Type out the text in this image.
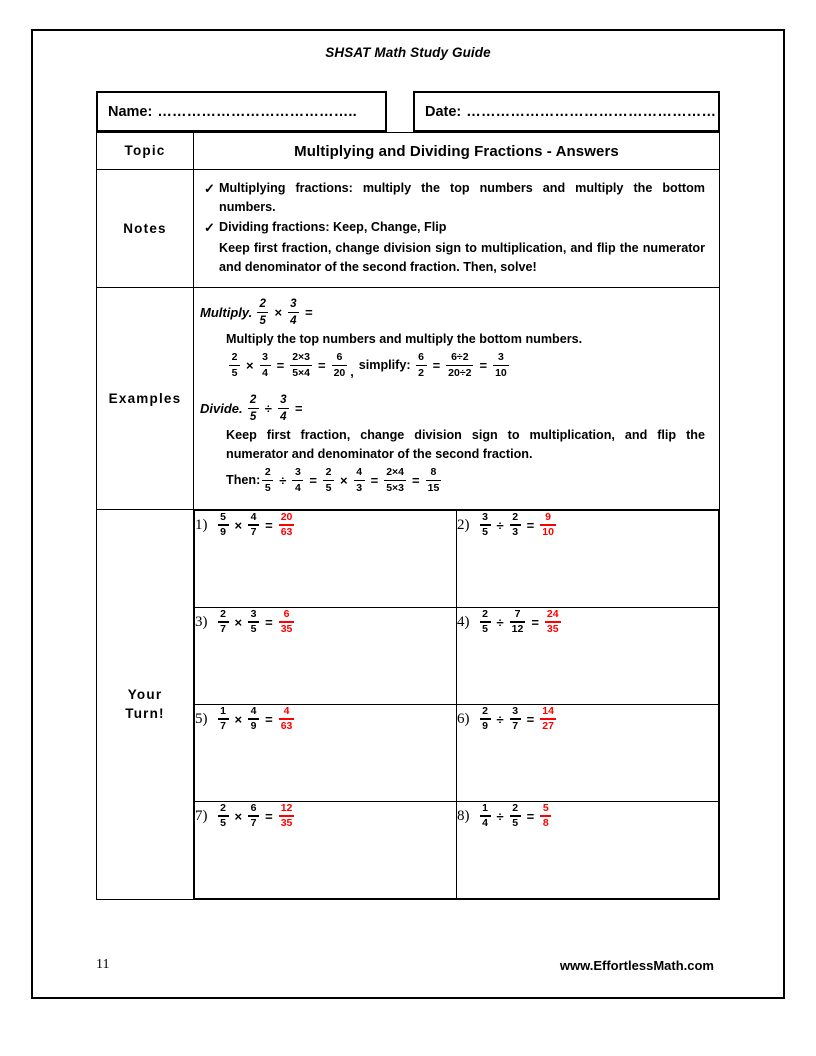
SHSAT Math Study Guide
Name: …………………………………..	Date: ……………………………………………
Topic	Multiplying and Dividing Fractions - Answers
Notes	
✓ Multiplying fractions: multiply the top numbers and multiply the bottom numbers.
✓ Dividing fractions: Keep, Change, Flip
Keep first fraction, change division sign to multiplication, and flip the numerator and denominator of the second fraction. Then, solve!

Examples	
Multiply. $\frac{2}{5} \times \frac{3}{4}$ =
Multiply the top numbers and multiply the bottom numbers.
$\frac{2}{5} \times \frac{3}{4} = \frac{2\times 3}{5\times 4} = \frac{6}{20}$ ,
simplify: $\frac{6}{2} = \frac{6\div 2}{20\div 2} = \frac{3}{10}$
Divide. $\frac{2}{5} \div \frac{3}{4}$ =
Keep first fraction, change division sign to multiplication, and flip the numerator and denominator of the second fraction.
Then: $\frac{2}{5} \div \frac{3}{4} = \frac{2}{5} \times \frac{4}{3} = \frac{2\times 4}{5\times 3} = \frac{8}{15}$

Your
Turn!	
$1) \frac{5}{9} \times \frac{4}{7} = \frac{20}{63}$	$2) \frac{3}{5} \div \frac{2}{3} = \frac{9}{10}$

$3) \frac{2}{7} \times \frac{3}{5} = \frac{6}{35}$	$4) \frac{2}{5} \div \frac{7}{12} = \frac{24}{35}$

$5) \frac{1}{7} \times \frac{4}{9} = \frac{4}{63}$	$6) \frac{2}{9} \div \frac{3}{7} = \frac{14}{27}$

$7) \frac{2}{5} \times \frac{6}{7} = \frac{12}{35}$	$8) \frac{1}{4} \div \frac{2}{5} = \frac{5}{8}$
11	www.EffortlessMath.com
